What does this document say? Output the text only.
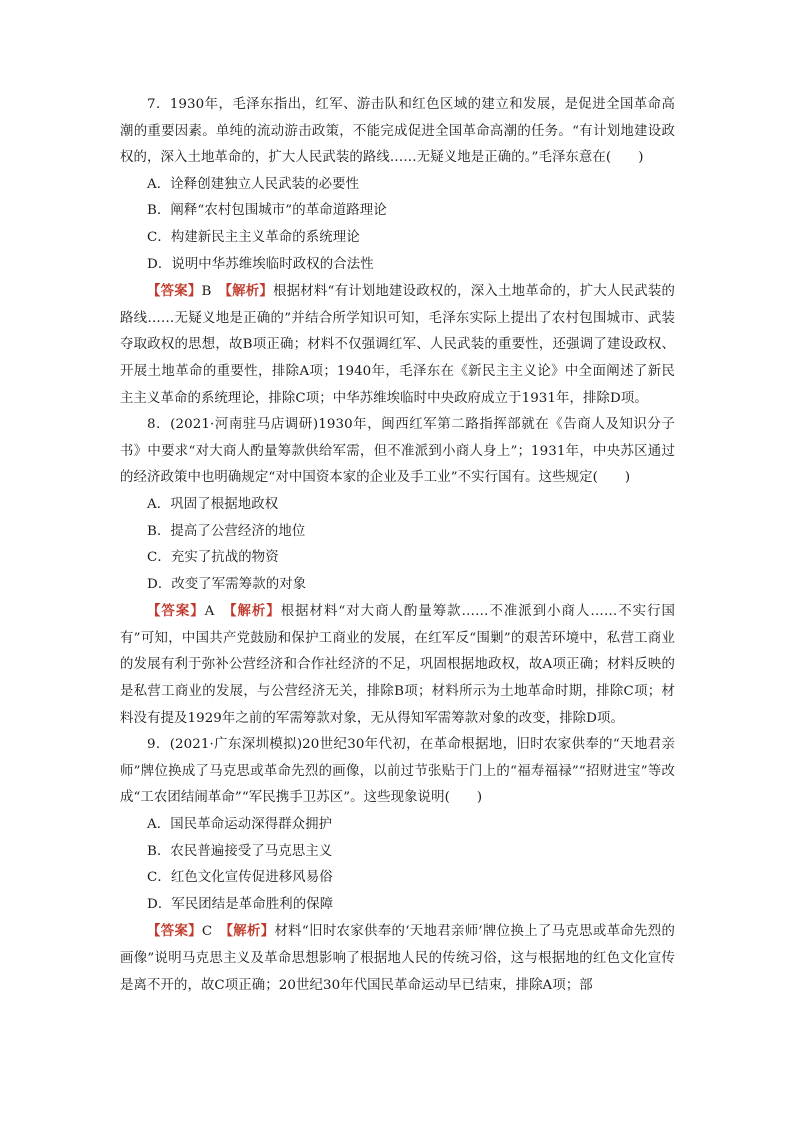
7．1930年，毛泽东指出，红军、游击队和红色区域的建立和发展，是促进全国革命高潮的重要因素。单纯的流动游击政策，不能完成促进全国革命高潮的任务。“有计划地建设政权的，深入土地革命的，扩大人民武装的路线……无疑义地是正确的。”毛泽东意在(　　)

A．诠释创建独立人民武装的必要性

B．阐释“农村包围城市”的革命道路理论

C．构建新民主主义革命的系统理论

D．说明中华苏维埃临时政权的合法性

【答案】B　【解析】根据材料“有计划地建设政权的，深入土地革命的，扩大人民武装的路线……无疑义地是正确的”并结合所学知识可知，毛泽东实际上提出了农村包围城市、武装夺取政权的思想，故B项正确；材料不仅强调红军、人民武装的重要性，还强调了建设政权、开展土地革命的重要性，排除A项；1940年，毛泽东在《新民主主义论》中全面阐述了新民主主义革命的系统理论，排除C项；中华苏维埃临时中央政府成立于1931年，排除D项。

8．(2021·河南驻马店调研)1930年，闽西红军第二路指挥部就在《告商人及知识分子书》中要求“对大商人酌量筹款供给军需，但不准派到小商人身上”；1931年，中央苏区通过的经济政策中也明确规定“对中国资本家的企业及手工业”不实行国有。这些规定(　　)

A．巩固了根据地政权

B．提高了公营经济的地位

C．充实了抗战的物资

D．改变了军需筹款的对象

【答案】A　【解析】根据材料“对大商人酌量筹款……不准派到小商人……不实行国有”可知，中国共产党鼓励和保护工商业的发展，在红军反“围剿”的艰苦环境中，私营工商业的发展有利于弥补公营经济和合作社经济的不足，巩固根据地政权，故A项正确；材料反映的是私营工商业的发展，与公营经济无关，排除B项；材料所示为土地革命时期，排除C项；材料没有提及1929年之前的军需筹款对象，无从得知军需筹款对象的改变，排除D项。

9．(2021·广东深圳模拟)20世纪30年代初，在革命根据地，旧时农家供奉的“天地君亲师”牌位换成了马克思或革命先烈的画像，以前过节张贴于门上的“福寿福禄”“招财进宝”等改成“工农团结闹革命”“军民携手卫苏区”。这些现象说明(　　)

A．国民革命运动深得群众拥护

B．农民普遍接受了马克思主义

C．红色文化宣传促进移风易俗

D．军民团结是革命胜利的保障

【答案】C　【解析】材料“旧时农家供奉的‘天地君亲师’牌位换上了马克思或革命先烈的画像”说明马克思主义及革命思想影响了根据地人民的传统习俗，这与根据地的红色文化宣传是离不开的，故C项正确；20世纪30年代国民革命运动早已结束，排除A项；部
